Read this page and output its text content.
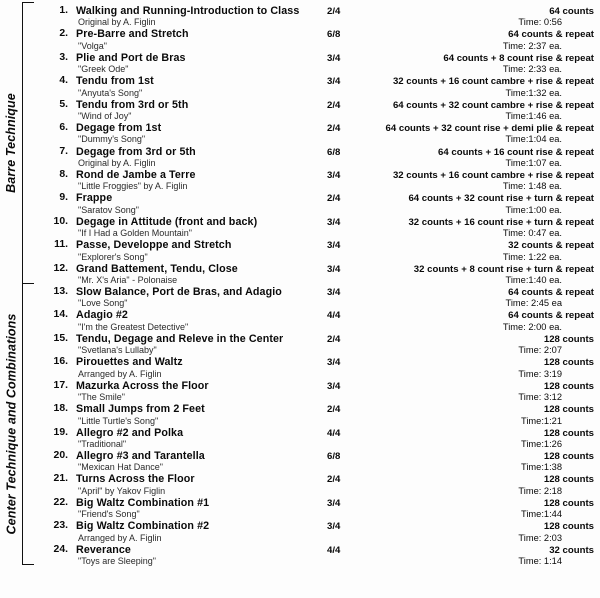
Barre Technique
Center Technique and Combinations
1. Walking and Running-Introduction to Class	2/4	64 counts
Original by A. Figlin	Time: 0:56
2. Pre-Barre and Stretch	6/8	64 counts & repeat
"Volga"	Time: 2:37 ea.
3. Plie and Port de Bras	3/4	64 counts + 8 count rise & repeat
"Greek Ode"	Time: 2:33 ea.
4. Tendu from 1st	3/4	32 counts + 16 count cambre + rise & repeat
"Anyuta's Song"	Time:1:32 ea.
5. Tendu from 3rd or 5th	2/4	64 counts + 32 count cambre + rise & repeat
"Wind of Joy"	Time:1:46 ea.
6. Degage from 1st	2/4	64 counts + 32 count rise + demi plie & repeat
"Dummy's Song"	Time:1:04 ea.
7. Degage from 3rd or 5th	6/8	64 counts + 16 count rise & repeat
Original by A. Figlin	Time:1:07 ea.
8. Rond de Jambe a Terre	3/4	32 counts + 16 count cambre + rise & repeat
"Little Froggies" by A. Figlin	Time: 1:48 ea.
9. Frappe	2/4	64 counts + 32 count rise + turn & repeat
"Saratov Song"	Time:1:00 ea.
10. Degage in Attitude (front and back)	3/4	32 counts + 16 count rise + turn & repeat
"If I Had a Golden Mountain"	Time: 0:47 ea.
11. Passe, Developpe and Stretch	3/4	32 counts & repeat
"Explorer's Song"	Time: 1:22 ea.
12. Grand Battement, Tendu, Close	3/4	32 counts + 8 count rise + turn & repeat
"Mr. X's Aria" - Polonaise	Time:1:40 ea.
13. Slow Balance, Port de Bras, and Adagio	3/4	64 counts & repeat
"Love Song"	Time: 2:45 ea
14. Adagio #2	4/4	64 counts & repeat
"I'm the Greatest Detective"	Time: 2:00 ea.
15. Tendu, Degage and Releve in the Center	2/4	128 counts
"Svetlana's Lullaby"	Time: 2:07
16. Pirouettes and Waltz	3/4	128 counts
Arranged by A. Figlin	Time: 3:19
17. Mazurka Across the Floor	3/4	128 counts
"The Smile"	Time: 3:12
18. Small Jumps from 2 Feet	2/4	128 counts
"Little Turtle's Song"	Time:1:21
19. Allegro #2 and Polka	4/4	128 counts
"Traditional"	Time:1:26
20. Allegro #3 and Tarantella	6/8	128 counts
"Mexican Hat Dance"	Time:1:38
21. Turns Across the Floor	2/4	128 counts
"April" by Yakov Figlin	Time: 2:18
22. Big Waltz Combination #1	3/4	128 counts
"Friend's Song"	Time:1:44
23. Big Waltz Combination #2	3/4	128 counts
Arranged by A. Figlin	Time: 2:03
24. Reverance	4/4	32 counts
"Toys are Sleeping"	Time: 1:14
